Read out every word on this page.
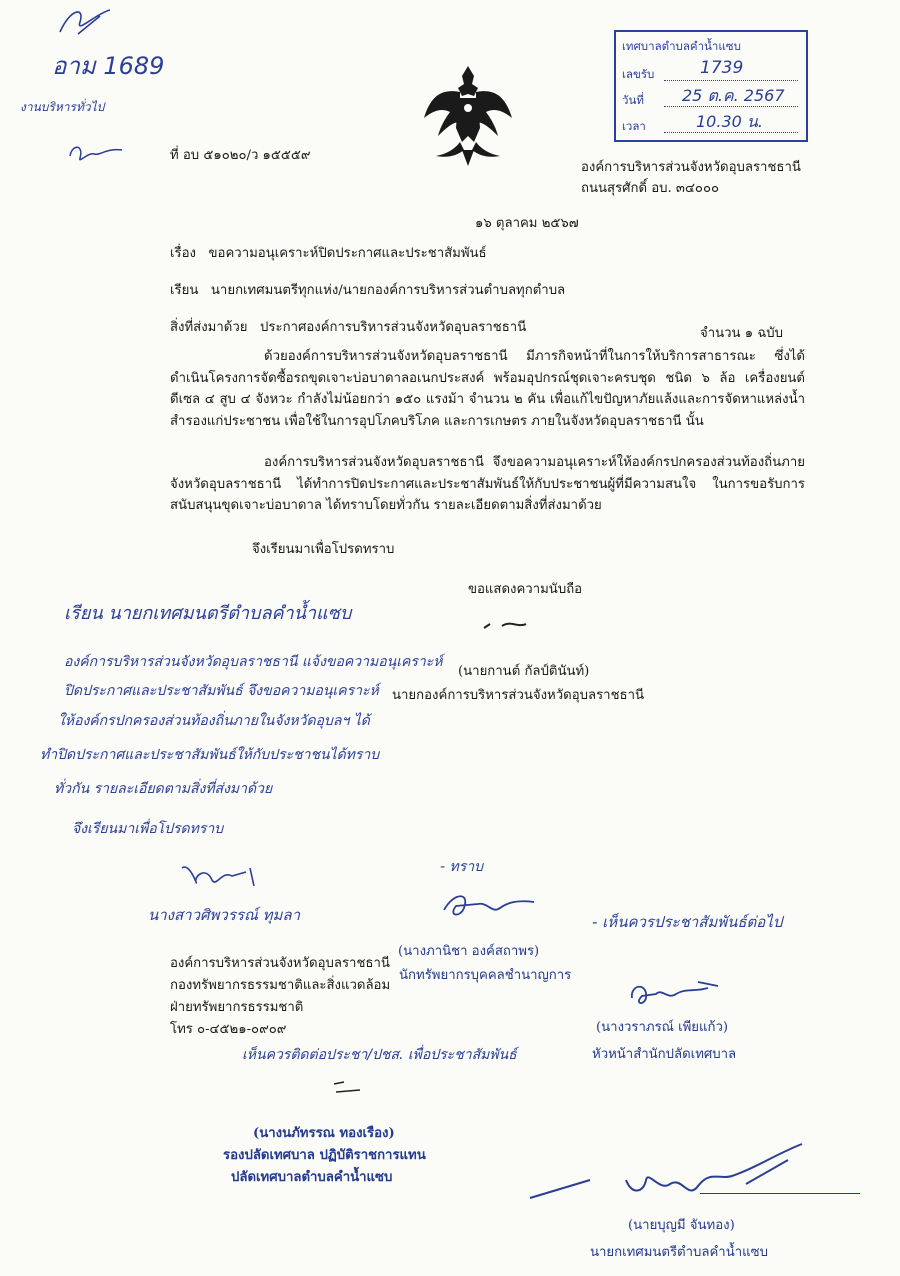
อาม 1689
งานบริหารทั่วไป
เทศบาลตำบลคำน้ำแซบ
เลขรับ	1739
วันที่ 25 ต.ค. 2567
เวลา	10.30 น.
ที่ อบ ๕๑๐๒๐/ว ๑๕๕๕๙
องค์การบริหารส่วนจังหวัดอุบลราชธานี
ถนนสุรศักดิ์ อบ. ๓๔๐๐๐
๑๖ ตุลาคม ๒๕๖๗
เรื่อง ขอความอนุเคราะห์ปิดประกาศและประชาสัมพันธ์
เรียน นายกเทศมนตรีทุกแห่ง/นายกองค์การบริหารส่วนตำบลทุกตำบล
สิ่งที่ส่งมาด้วย ประกาศองค์การบริหารส่วนจังหวัดอุบลราชธานี	จำนวน ๑ ฉบับ
ด้วยองค์การบริหารส่วนจังหวัดอุบลราชธานี มีภารกิจหน้าที่ในการให้บริการสาธารณะ ซึ่งได้ดำเนินโครงการจัดซื้อรถขุดเจาะบ่อบาดาลอเนกประสงค์ พร้อมอุปกรณ์ชุดเจาะครบชุด ชนิด ๖ ล้อ เครื่องยนต์ดีเซล ๔ สูบ ๔ จังหวะ กำลังไม่น้อยกว่า ๑๕๐ แรงม้า จำนวน ๒ คัน เพื่อแก้ไขปัญหาภัยแล้งและการจัดหาแหล่งน้ำสำรองแก่ประชาชน เพื่อใช้ในการอุปโภคบริโภค และการเกษตร ภายในจังหวัดอุบลราชธานี นั้น
องค์การบริหารส่วนจังหวัดอุบลราชธานี จึงขอความอนุเคราะห์ให้องค์กรปกครองส่วนท้องถิ่นภายจังหวัดอุบลราชธานี ได้ทำการปิดประกาศและประชาสัมพันธ์ให้กับประชาชนผู้ที่มีความสนใจ ในการขอรับการสนับสนุนขุดเจาะบ่อบาดาล ได้ทราบโดยทั่วกัน รายละเอียดตามสิ่งที่ส่งมาด้วย
จึงเรียนมาเพื่อโปรดทราบ
ขอแสดงความนับถือ
เรียน นายกเทศมนตรีตำบลคำน้ำแซบ
องค์การบริหารส่วนจังหวัดอุบลราชธานี แจ้งขอความอนุเคราะห์
ปิดประกาศและประชาสัมพันธ์ จึงขอความอนุเคราะห์
ให้องค์กรปกครองส่วนท้องถิ่นภายในจังหวัดอุบลฯ ได้
ทำปิดประกาศและประชาสัมพันธ์ให้กับประชาชนได้ทราบ
ทั่วกัน รายละเอียดตามสิ่งที่ส่งมาด้วย
จึงเรียนมาเพื่อโปรดทราบ
(นายกานต์ กัลป์ตินันท์)
นายกองค์การบริหารส่วนจังหวัดอุบลราชธานี
นางสาวศิพวรรณ์ ทุมลา
- ทราบ
(นางภานิชา องค์สถาพร)
นักทรัพยากรบุคคลชำนาญการ
- เห็นควรประชาสัมพันธ์ต่อไป
องค์การบริหารส่วนจังหวัดอุบลราชธานี
กองทรัพยากรธรรมชาติและสิ่งแวดล้อม
ฝ่ายทรัพยากรธรรมชาติ
โทร ๐-๔๕๒๑-๐๙๐๙	(นางวราภรณ์ เพียแก้ว)
หัวหน้าสำนักปลัดเทศบาล
เห็นควรติดต่อประชา/ปชส. เพื่อประชาสัมพันธ์
(นางนภัทรรณ ทองเรือง)
รองปลัดเทศบาล ปฏิบัติราชการแทน
ปลัดเทศบาลตำบลคำน้ำแซบ
(นายบุญมี จันทอง)
นายกเทศมนตรีตำบลคำน้ำแซบ
